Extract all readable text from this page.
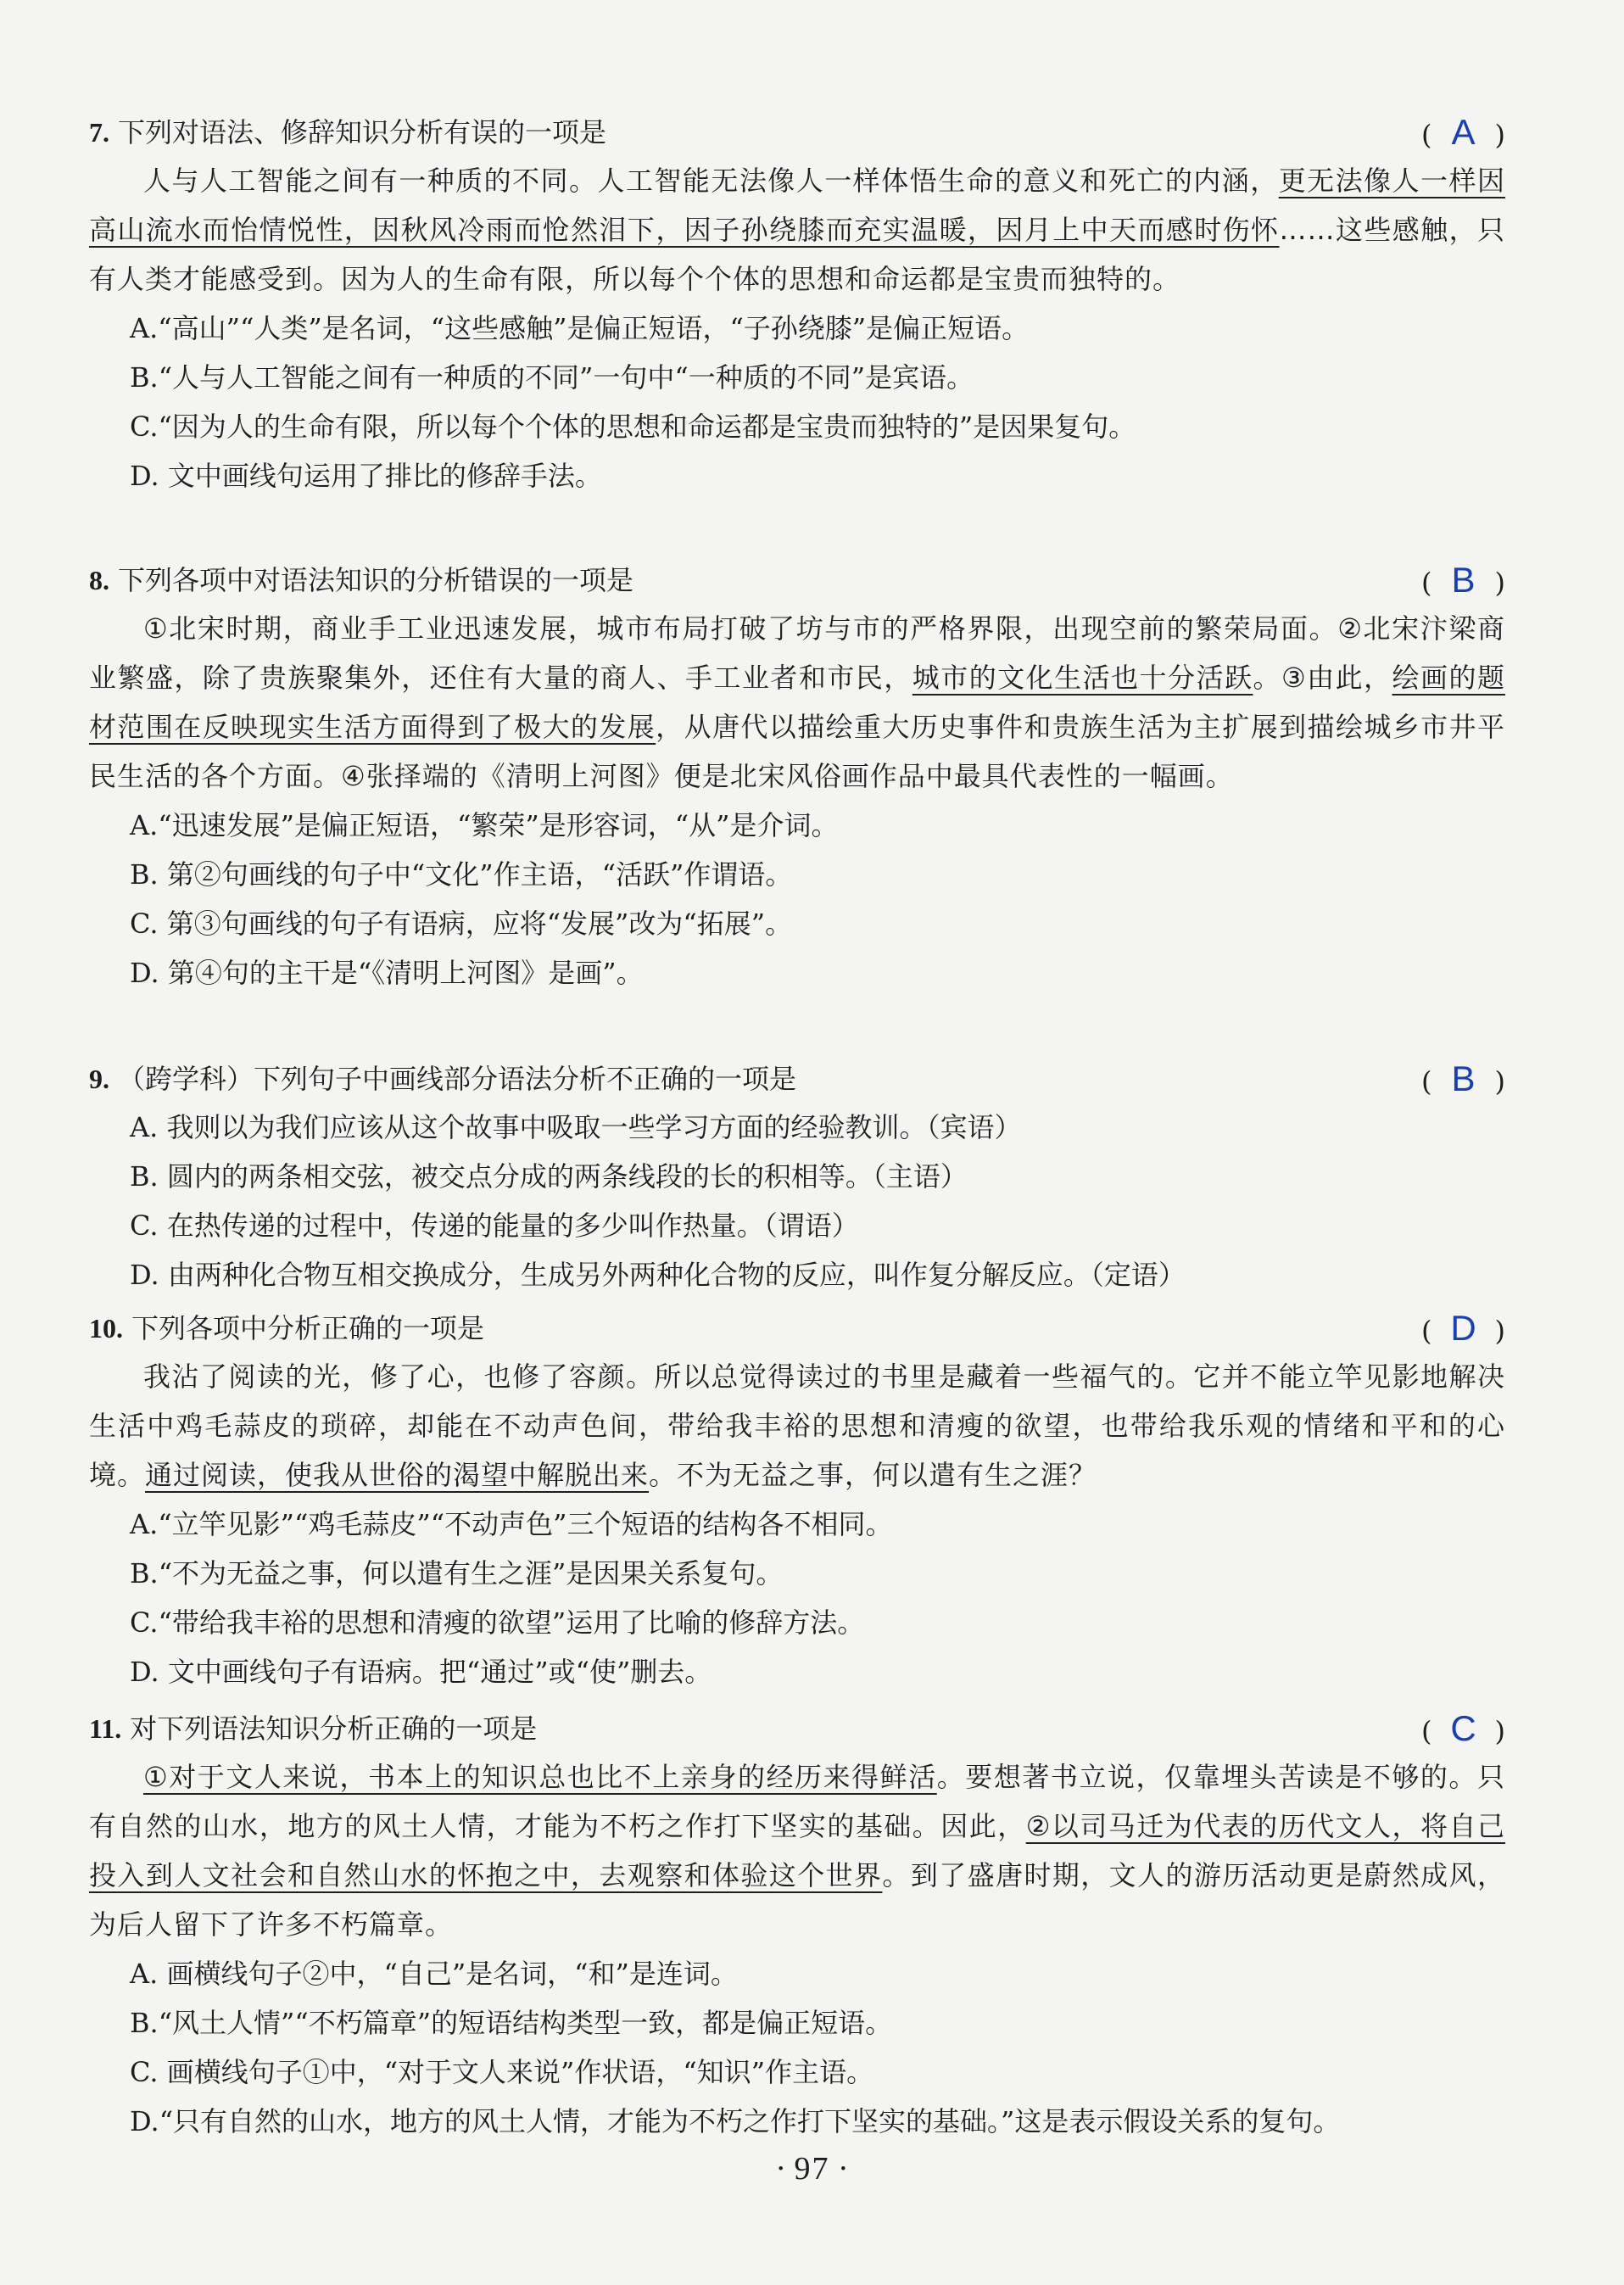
7. 下列对语法、修辞知识分析有误的一项是	( A )

人与人工智能之间有一种质的不同。人工智能无法像人一样体悟生命的意义和死亡的内涵，更无法像人一样因高山流水而怡情悦性，因秋风冷雨而怆然泪下，因子孙绕膝而充实温暖，因月上中天而感时伤怀……这些感触，只有人类才能感受到。因为人的生命有限，所以每个个体的思想和命运都是宝贵而独特的。

A.“高山”“人类”是名词，“这些感触”是偏正短语，“子孙绕膝”是偏正短语。
B.“人与人工智能之间有一种质的不同”一句中“一种质的不同”是宾语。
C.“因为人的生命有限，所以每个个体的思想和命运都是宝贵而独特的”是因果复句。
D. 文中画线句运用了排比的修辞手法。
8. 下列各项中对语法知识的分析错误的一项是	( B )

①北宋时期，商业手工业迅速发展，城市布局打破了坊与市的严格界限，出现空前的繁荣局面。②北宋汴梁商业繁盛，除了贵族聚集外，还住有大量的商人、手工业者和市民，城市的文化生活也十分活跃。③由此，绘画的题材范围在反映现实生活方面得到了极大的发展，从唐代以描绘重大历史事件和贵族生活为主扩展到描绘城乡市井平民生活的各个方面。④张择端的《清明上河图》便是北宋风俗画作品中最具代表性的一幅画。

A.“迅速发展”是偏正短语，“繁荣”是形容词，“从”是介词。
B. 第②句画线的句子中“文化”作主语，“活跃”作谓语。
C. 第③句画线的句子有语病，应将“发展”改为“拓展”。
D. 第④句的主干是“《清明上河图》是画”。
9. （跨学科）下列句子中画线部分语法分析不正确的一项是	( B )
A. 我则以为我们应该从这个故事中吸取一些学习方面的经验教训。（宾语）
B. 圆内的两条相交弦，被交点分成的两条线段的长的积相等。（主语）
C. 在热传递的过程中，传递的能量的多少叫作热量。（谓语）
D. 由两种化合物互相交换成分，生成另外两种化合物的反应，叫作复分解反应。（定语）
10. 下列各项中分析正确的一项是	( D )

我沾了阅读的光，修了心，也修了容颜。所以总觉得读过的书里是藏着一些福气的。它并不能立竿见影地解决生活中鸡毛蒜皮的琐碎，却能在不动声色间，带给我丰裕的思想和清瘦的欲望，也带给我乐观的情绪和平和的心境。通过阅读，使我从世俗的渴望中解脱出来。不为无益之事，何以遣有生之涯？

A.“立竿见影”“鸡毛蒜皮”“不动声色”三个短语的结构各不相同。
B.“不为无益之事，何以遣有生之涯”是因果关系复句。
C.“带给我丰裕的思想和清瘦的欲望”运用了比喻的修辞方法。
D. 文中画线句子有语病。把“通过”或“使”删去。
11. 对下列语法知识分析正确的一项是	( C )

①对于文人来说，书本上的知识总也比不上亲身的经历来得鲜活。要想著书立说，仅靠埋头苦读是不够的。只有自然的山水，地方的风土人情，才能为不朽之作打下坚实的基础。因此，②以司马迁为代表的历代文人，将自己投入到人文社会和自然山水的怀抱之中，去观察和体验这个世界。到了盛唐时期，文人的游历活动更是蔚然成风，为后人留下了许多不朽篇章。

A. 画横线句子②中，“自己”是名词，“和”是连词。
B.“风土人情”“不朽篇章”的短语结构类型一致，都是偏正短语。
C. 画横线句子①中，“对于文人来说”作状语，“知识”作主语。
D.“只有自然的山水，地方的风土人情，才能为不朽之作打下坚实的基础。”这是表示假设关系的复句。
· 97 ·
